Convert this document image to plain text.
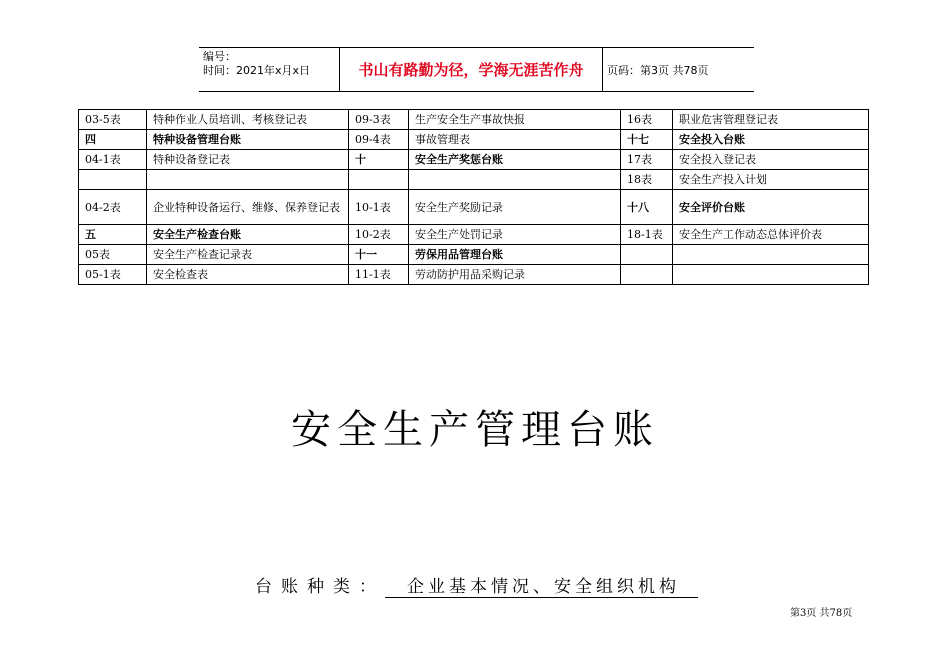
编号：
时间：2021年x月x日	书山有路勤为径，学海无涯苦作舟	页码：第3页 共78页
03-5表	特种作业人员培训、考核登记表	09-3表	生产安全生产事故快报	16表	职业危害管理登记表
四	特种设备管理台账	09-4表	事故管理表	十七	安全投入台账
04-1表	特种设备登记表	十	安全生产奖惩台账	17表	安全投入登记表
				18表	安全生产投入计划
04-2表	企业特种设备运行、维修、保养登记表	10-1表	安全生产奖励记录	十八	安全评价台账
五	安全生产检查台账	10-2表	安全生产处罚记录	18-1表	安全生产工作动态总体评价表
05表	安全生产检查记录表	十一	劳保用品管理台账		
05-1表	安全检查表	11-1表	劳动防护用品采购记录		
安全生产管理台账
台账种类： 企业基本情况、安全组织机构
第3页 共78页
